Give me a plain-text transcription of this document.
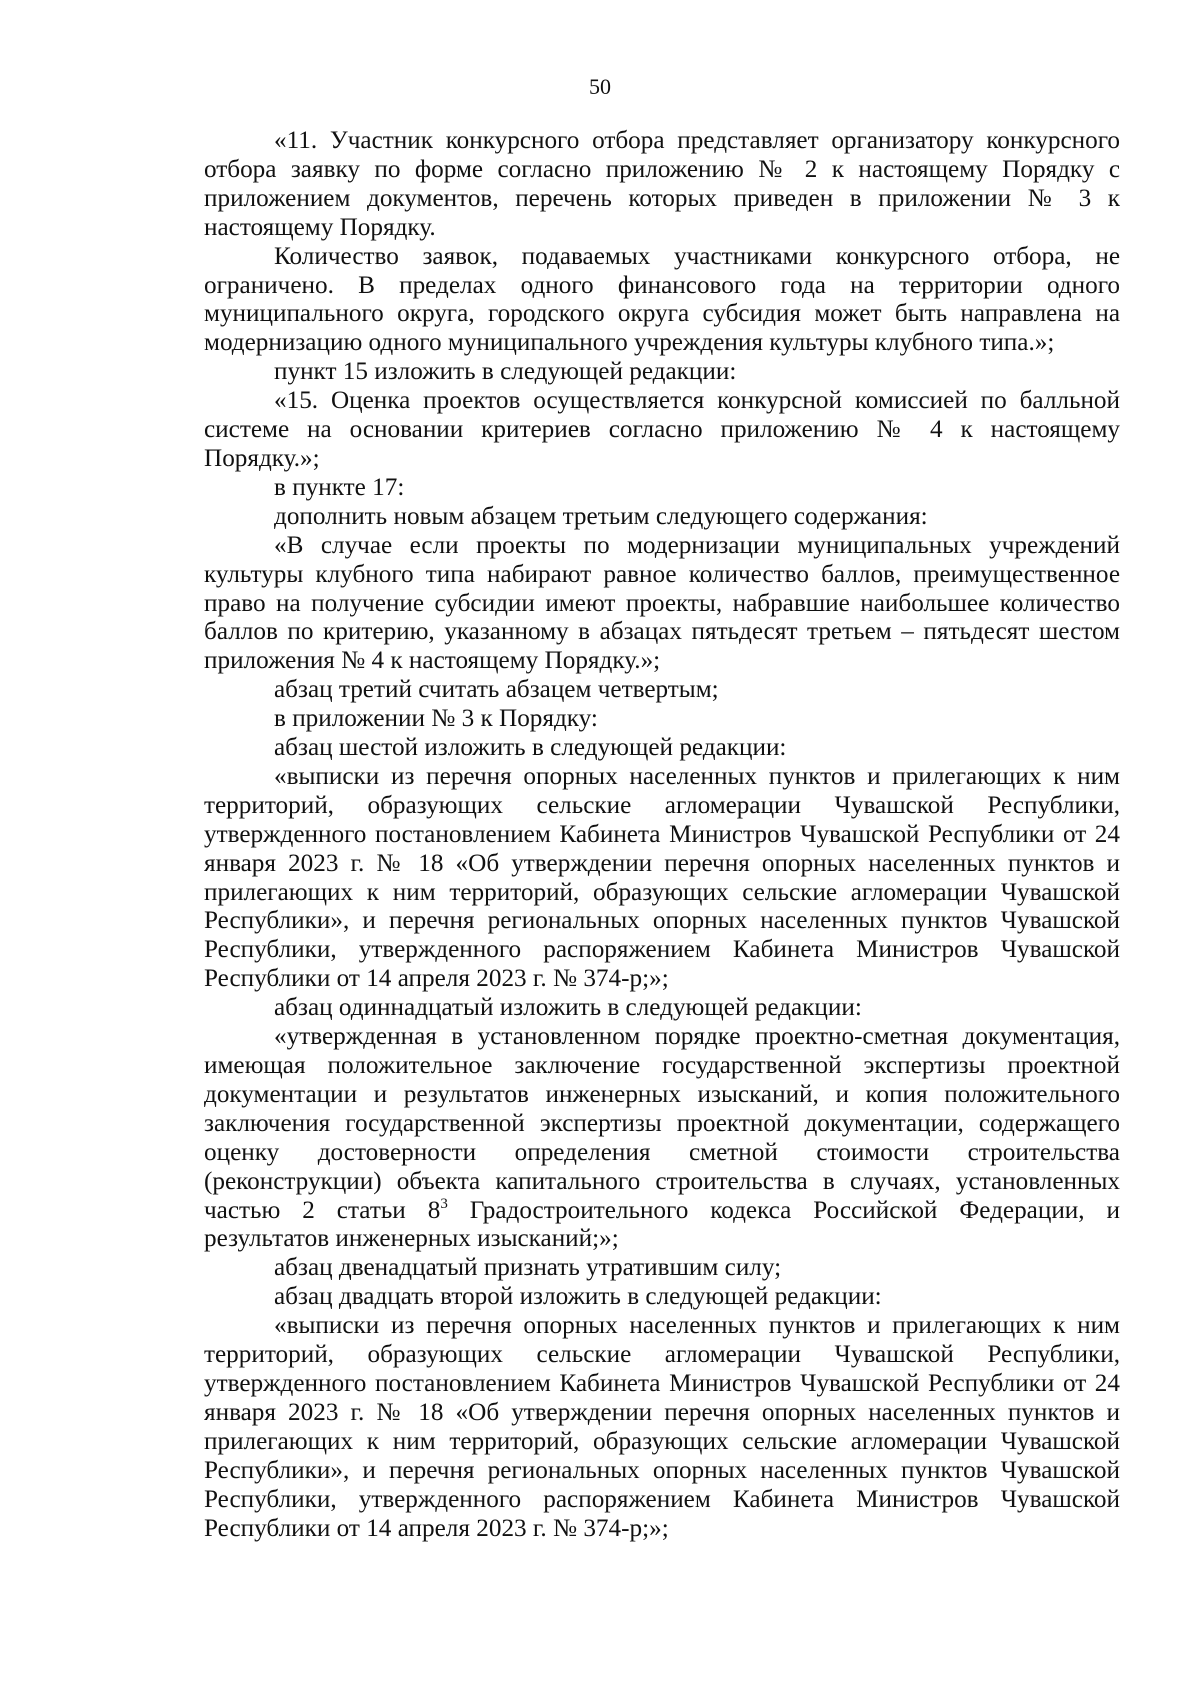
50

«11. Участник конкурсного отбора представляет организатору конкурсного отбора заявку по форме согласно приложению № 2 к настоящему Порядку с приложением документов, перечень которых приведен в приложении № 3 к настоящему Порядку.

Количество заявок, подаваемых участниками конкурсного отбора, не ограничено. В пределах одного финансового года на территории одного муниципального округа, городского округа субсидия может быть направлена на модернизацию одного муниципального учреждения культуры клубного типа.»;

пункт 15 изложить в следующей редакции:

«15. Оценка проектов осуществляется конкурсной комиссией по балльной системе на основании критериев согласно приложению № 4 к настоящему Порядку.»;

в пункте 17:

дополнить новым абзацем третьим следующего содержания:

«В случае если проекты по модернизации муниципальных учреждений культуры клубного типа набирают равное количество баллов, преимущественное право на получение субсидии имеют проекты, набравшие наибольшее количество баллов по критерию, указанному в абзацах пятьдесят третьем – пятьдесят шестом приложения № 4 к настоящему Порядку.»;

абзац третий считать абзацем четвертым;

в приложении № 3 к Порядку:

абзац шестой изложить в следующей редакции:

«выписки из перечня опорных населенных пунктов и прилегающих к ним территорий, образующих сельские агломерации Чувашской Республики, утвержденного постановлением Кабинета Министров Чувашской Республики от 24 января 2023 г. № 18 «Об утверждении перечня опорных населенных пунктов и прилегающих к ним территорий, образующих сельские агломерации Чувашской Республики», и перечня региональных опорных населенных пунктов Чувашской Республики, утвержденного распоряжением Кабинета Министров Чувашской Республики от 14 апреля 2023 г. № 374-р;»;

абзац одиннадцатый изложить в следующей редакции:

«утвержденная в установленном порядке проектно-сметная документация, имеющая положительное заключение государственной экспертизы проектной документации и результатов инженерных изысканий, и копия положительного заключения государственной экспертизы проектной документации, содержащего оценку достоверности определения сметной стоимости строительства (реконструкции) объекта капитального строительства в случаях, установленных частью 2 статьи $8^3$ Градостроительного кодекса Российской Федерации, и результатов инженерных изысканий;»;

абзац двенадцатый признать утратившим силу;

абзац двадцать второй изложить в следующей редакции:

«выписки из перечня опорных населенных пунктов и прилегающих к ним территорий, образующих сельские агломерации Чувашской Республики, утвержденного постановлением Кабинета Министров Чувашской Республики от 24 января 2023 г. № 18 «Об утверждении перечня опорных населенных пунктов и прилегающих к ним территорий, образующих сельские агломерации Чувашской Республики», и перечня региональных опорных населенных пунктов Чувашской Республики, утвержденного распоряжением Кабинета Министров Чувашской Республики от 14 апреля 2023 г. № 374-р;»;
